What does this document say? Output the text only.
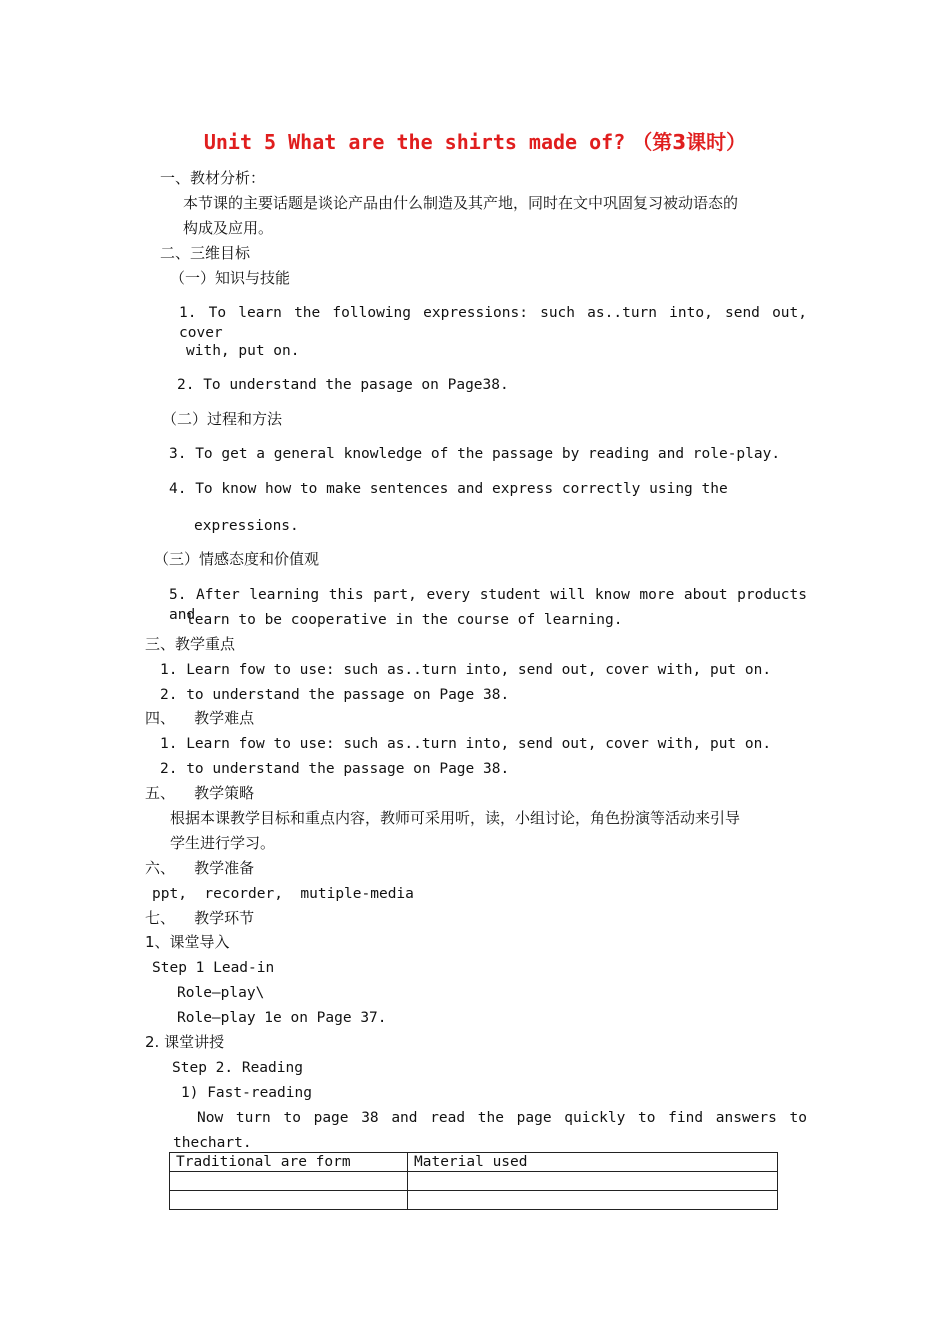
Unit 5 What are the shirts made of? （第3课时）
一、教材分析：
本节课的主要话题是谈论产品由什么制造及其产地，同时在文中巩固复习被动语态的
构成及应用。
二、三维目标
（一）知识与技能
1. To learn the following expressions: such as..turn into, send out, cover
with, put on.
2. To understand the pasage on Page38.
（二）过程和方法
3. To get a general knowledge of the passage by reading and role-play.
4. To know how to make sentences and express correctly using the
expressions.
（三）情感态度和价值观
5. After learning this part, every student will know more about products and
learn to be cooperative in the course of learning.
三、教学重点
1. Learn fow to use: such as..turn into, send out, cover with, put on.
2. to understand the passage on Page 38.
四、    教学难点
1. Learn fow to use: such as..turn into, send out, cover with, put on.
2. to understand the passage on Page 38.
五、    教学策略
根据本课教学目标和重点内容，教师可采用听，读，小组讨论，角色扮演等活动来引导
学生进行学习。
六、    教学准备
ppt,  recorder,  mutiple-media
七、    教学环节
1、课堂导入
Step 1 Lead-in
Role—play\
Role—play 1e on Page 37.
2. 课堂讲授
Step 2. Reading
1) Fast-reading
Now turn to page 38 and read the page quickly to find answers to
thechart.
Traditional are form	Material used
